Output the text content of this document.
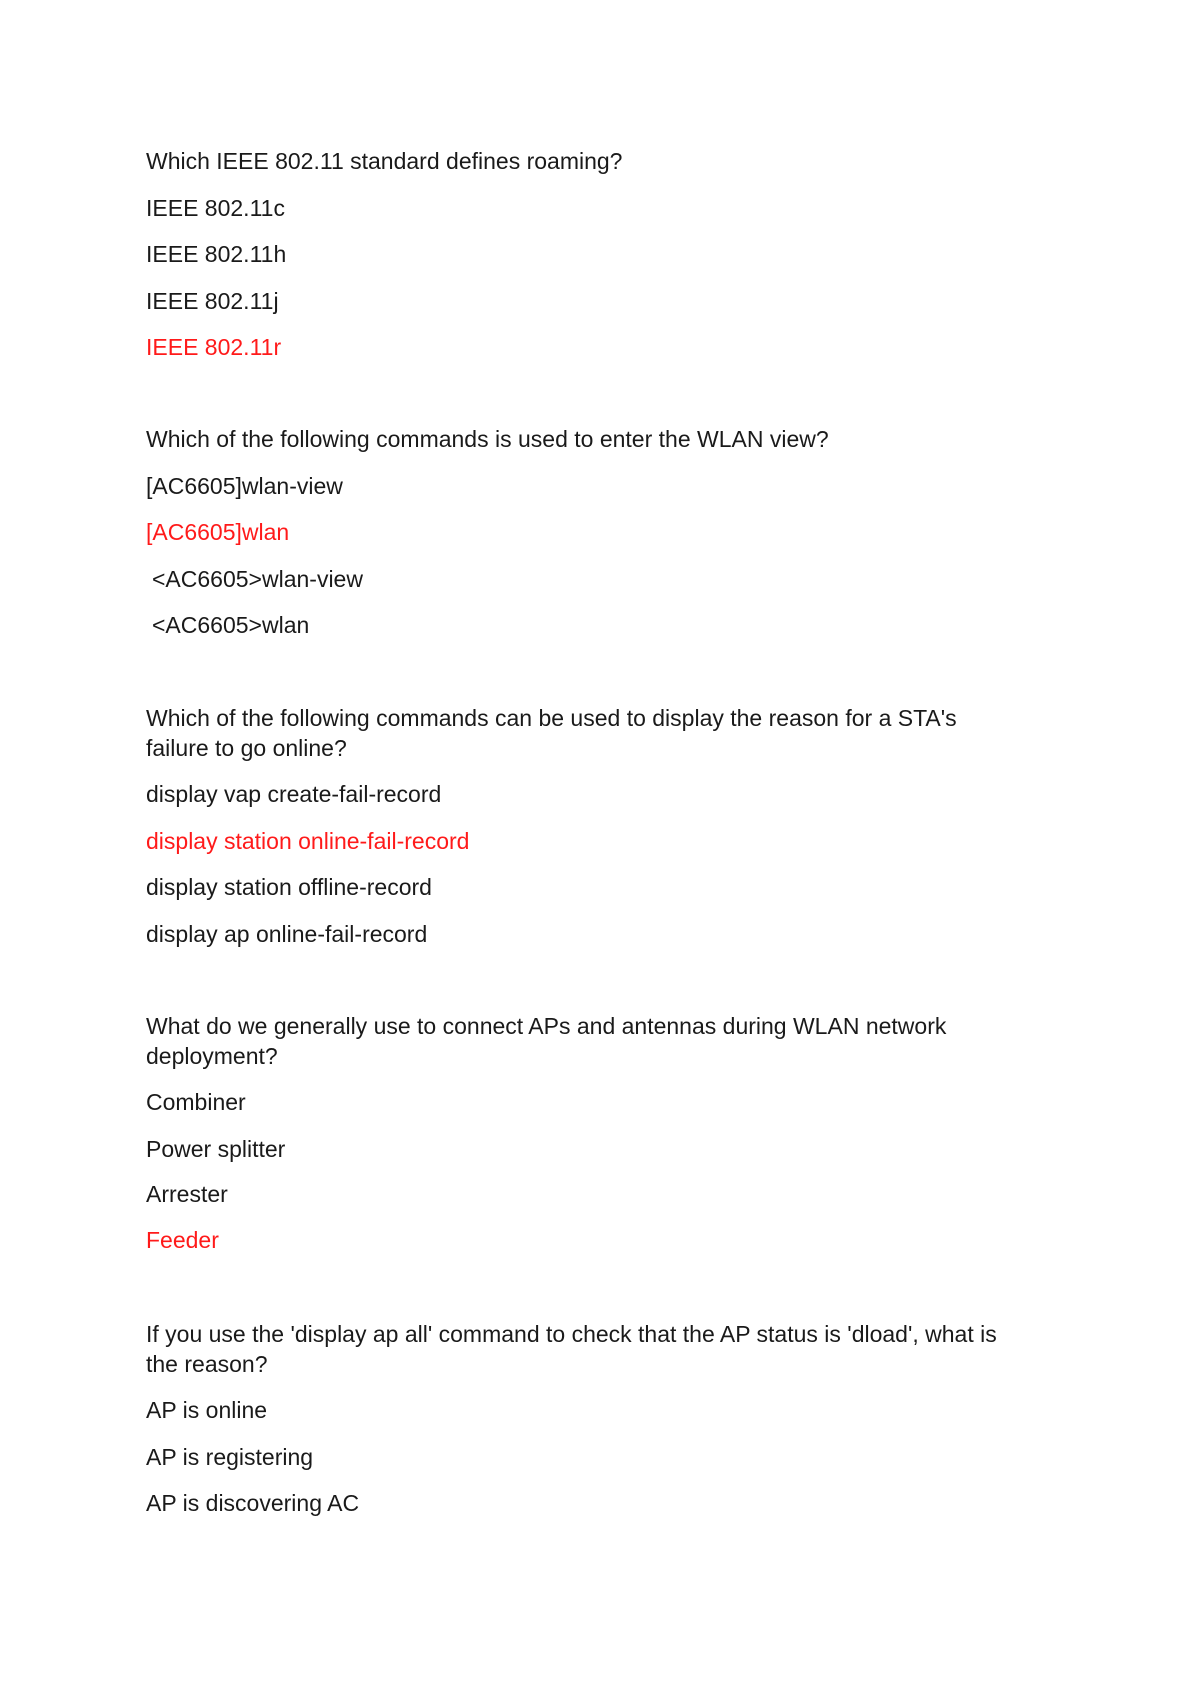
Which IEEE 802.11 standard defines roaming?

IEEE 802.11c

IEEE 802.11h

IEEE 802.11j

IEEE 802.11r

Which of the following commands is used to enter the WLAN view?

[AC6605]wlan-view

[AC6605]wlan

<AC6605>wlan-view

<AC6605>wlan

Which of the following commands can be used to display the reason for a STA's

failure to go online?

display vap create-fail-record

display station online-fail-record

display station offline-record

display ap online-fail-record

What do we generally use to connect APs and antennas during WLAN network

deployment?

Combiner

Power splitter

Arrester

Feeder

If you use the 'display ap all' command to check that the AP status is 'dload', what is

the reason?

AP is online

AP is registering

AP is discovering AC
